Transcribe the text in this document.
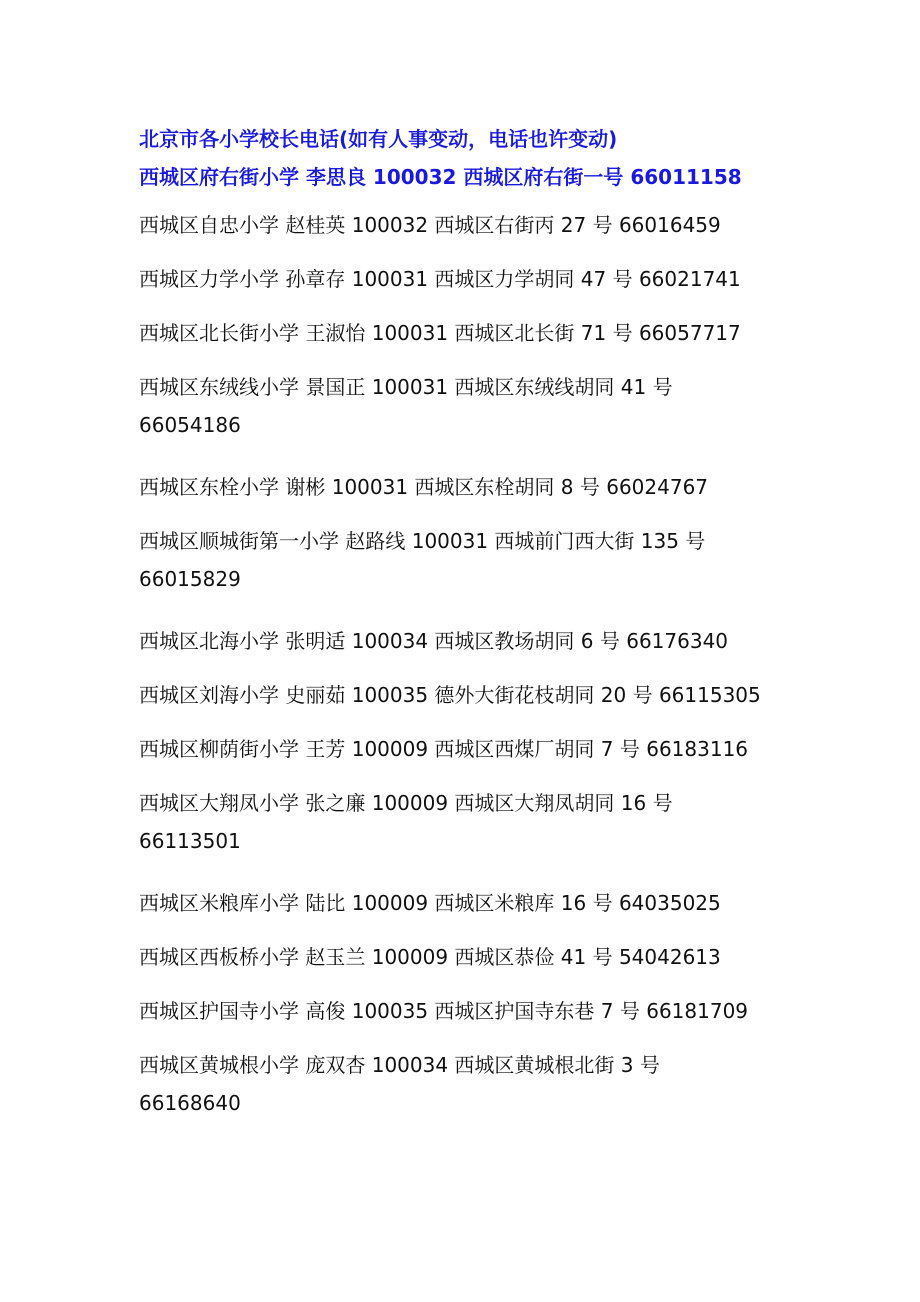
北京市各小学校长电话(如有人事变动，电话也许变动)
西城区府右街小学 李思良 100032 西城区府右街一号 66011158
西城区自忠小学 赵桂英 100032 西城区右街丙 27 号 66016459
西城区力学小学 孙章存 100031 西城区力学胡同 47 号 66021741
西城区北长街小学 王淑怡 100031 西城区北长街 71 号 66057717
西城区东绒线小学 景国正 100031 西城区东绒线胡同 41 号
66054186
西城区东栓小学 谢彬 100031 西城区东栓胡同 8 号 66024767
西城区顺城街第一小学 赵路线 100031 西城前门西大街 135 号
66015829
西城区北海小学 张明适 100034 西城区教场胡同 6 号 66176340
西城区刘海小学 史丽茹 100035 德外大街花枝胡同 20 号 66115305
西城区柳荫街小学 王芳 100009 西城区西煤厂胡同 7 号 66183116
西城区大翔凤小学 张之廉 100009 西城区大翔凤胡同 16 号
66113501
西城区米粮库小学 陆比 100009 西城区米粮库 16 号 64035025
西城区西板桥小学 赵玉兰 100009 西城区恭俭 41 号 54042613
西城区护国寺小学 高俊 100035 西城区护国寺东巷 7 号 66181709
西城区黄城根小学 庞双杏 100034 西城区黄城根北街 3 号
66168640
